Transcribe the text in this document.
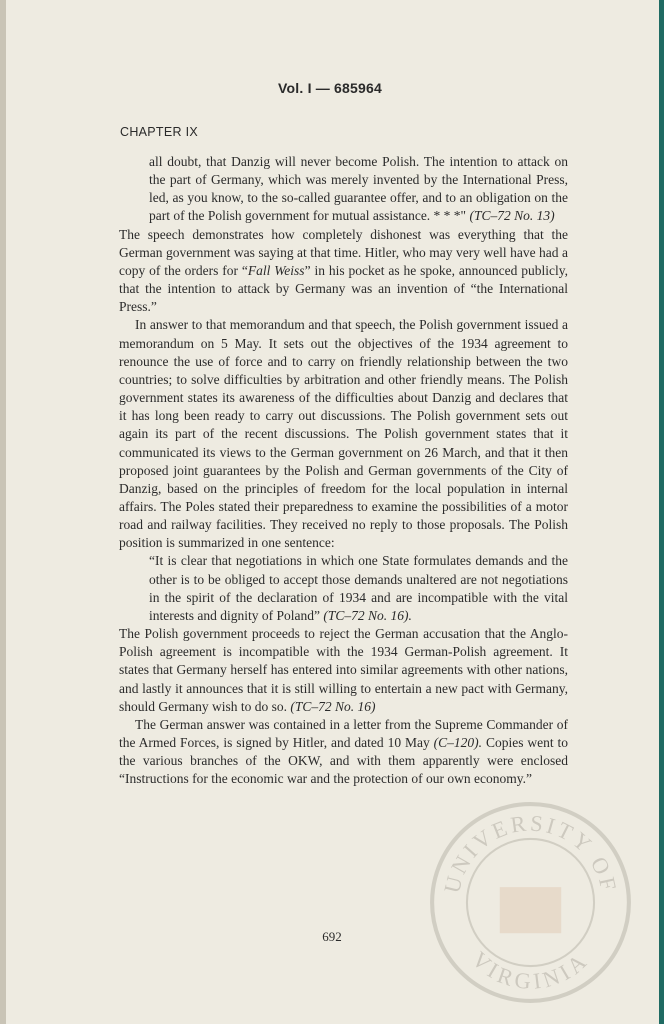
Vol. I — 685964
CHAPTER IX

all doubt, that Danzig will never become Polish. The intention to attack on the part of Germany, which was merely invented by the International Press, led, as you know, to the so-called guarantee offer, and to an obligation on the part of the Polish government for mutual assistance. * * *" (TC–72 No. 13)

The speech demonstrates how completely dishonest was everything that the German government was saying at that time. Hitler, who may very well have had a copy of the orders for “Fall Weiss” in his pocket as he spoke, announced publicly, that the intention to attack by Germany was an invention of “the International Press.”

In answer to that memorandum and that speech, the Polish government issued a memorandum on 5 May. It sets out the objectives of the 1934 agreement to renounce the use of force and to carry on friendly relationship between the two countries; to solve difficulties by arbitration and other friendly means. The Polish government states its awareness of the difficulties about Danzig and declares that it has long been ready to carry out discussions. The Polish government sets out again its part of the recent discussions. The Polish government states that it communicated its views to the German government on 26 March, and that it then proposed joint guarantees by the Polish and German governments of the City of Danzig, based on the principles of freedom for the local population in internal affairs. The Poles stated their preparedness to examine the possibilities of a motor road and railway facilities. They received no reply to those proposals. The Polish position is summarized in one sentence:

“It is clear that negotiations in which one State formulates demands and the other is to be obliged to accept those demands unaltered are not negotiations in the spirit of the declaration of 1934 and are incompatible with the vital interests and dignity of Poland” (TC–72 No. 16).

The Polish government proceeds to reject the German accusation that the Anglo-Polish agreement is incompatible with the 1934 German-Polish agreement. It states that Germany herself has entered into similar agreements with other nations, and lastly it announces that it is still willing to entertain a new pact with Germany, should Germany wish to do so. (TC–72 No. 16)

The German answer was contained in a letter from the Supreme Commander of the Armed Forces, is signed by Hitler, and dated 10 May (C–120). Copies went to the various branches of the OKW, and with them apparently were enclosed “Instructions for the economic war and the protection of our own economy.”

692
UNIVERSITY OF
VIRGINIA
